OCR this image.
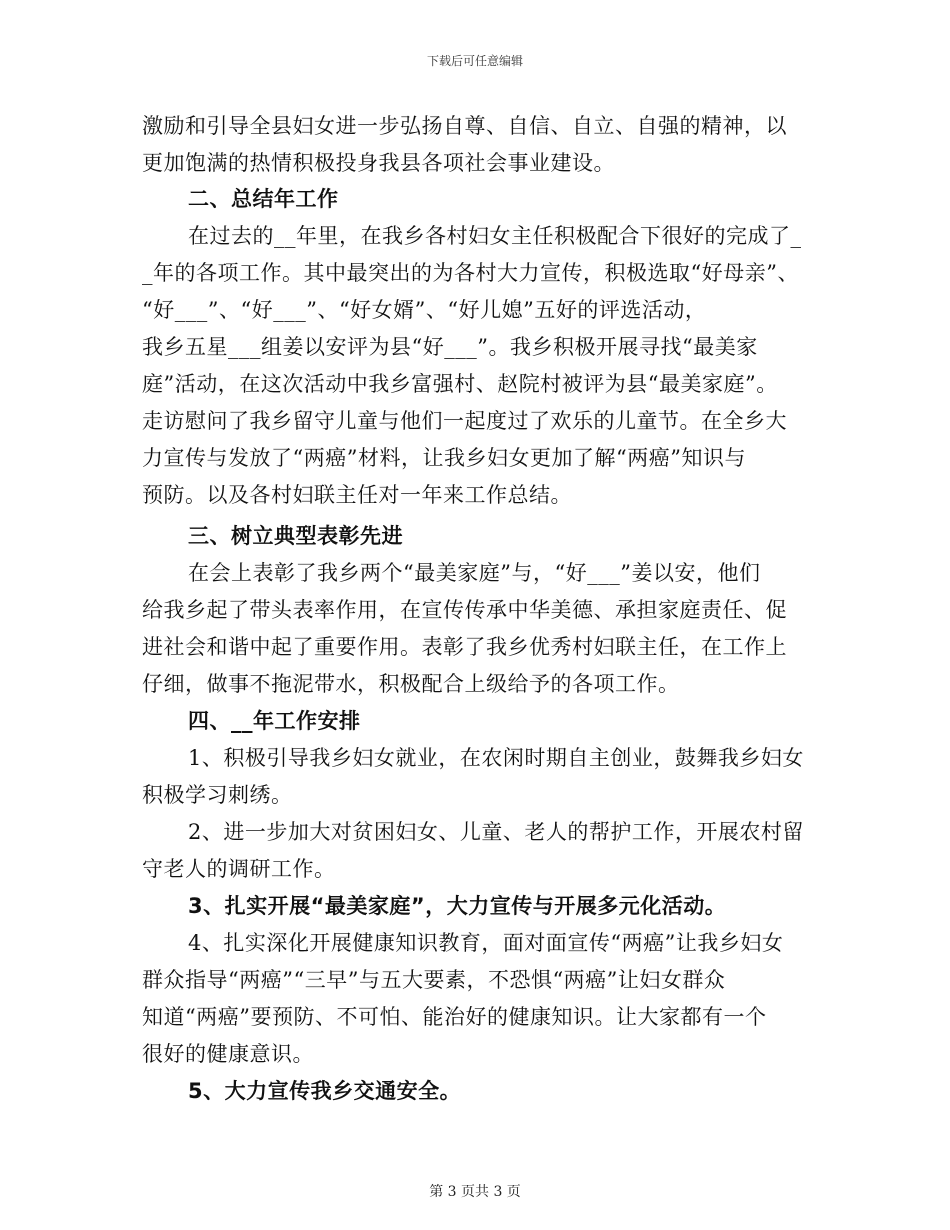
下载后可任意编辑
激励和引导全县妇女进一步弘扬自尊、自信、自立、自强的精神，以
更加饱满的热情积极投身我县各项社会事业建设。
二、总结年工作
在过去的__年里，在我乡各村妇女主任积极配合下很好的完成了_
_年的各项工作。其中最突出的为各村大力宣传，积极选取“好母亲”、
“好___”、“好___”、“好女婿”、“好儿媳”五好的评选活动，
我乡五星___组姜以安评为县“好___”。我乡积极开展寻找“最美家
庭”活动，在这次活动中我乡富强村、赵院村被评为县“最美家庭”。
走访慰问了我乡留守儿童与他们一起度过了欢乐的儿童节。在全乡大
力宣传与发放了“两癌”材料，让我乡妇女更加了解“两癌”知识与
预防。以及各村妇联主任对一年来工作总结。
三、树立典型表彰先进
在会上表彰了我乡两个“最美家庭”与，“好___”姜以安，他们
给我乡起了带头表率作用，在宣传传承中华美德、承担家庭责任、促
进社会和谐中起了重要作用。表彰了我乡优秀村妇联主任，在工作上
仔细，做事不拖泥带水，积极配合上级给予的各项工作。
四、__年工作安排
1、积极引导我乡妇女就业，在农闲时期自主创业，鼓舞我乡妇女
积极学习刺绣。
2、进一步加大对贫困妇女、儿童、老人的帮护工作，开展农村留
守老人的调研工作。
3、扎实开展“最美家庭”，大力宣传与开展多元化活动。
4、扎实深化开展健康知识教育，面对面宣传“两癌”让我乡妇女
群众指导“两癌”“三早”与五大要素，不恐惧“两癌”让妇女群众
知道“两癌”要预防、不可怕、能治好的健康知识。让大家都有一个
很好的健康意识。
5、大力宣传我乡交通安全。
第 3 页共 3 页
